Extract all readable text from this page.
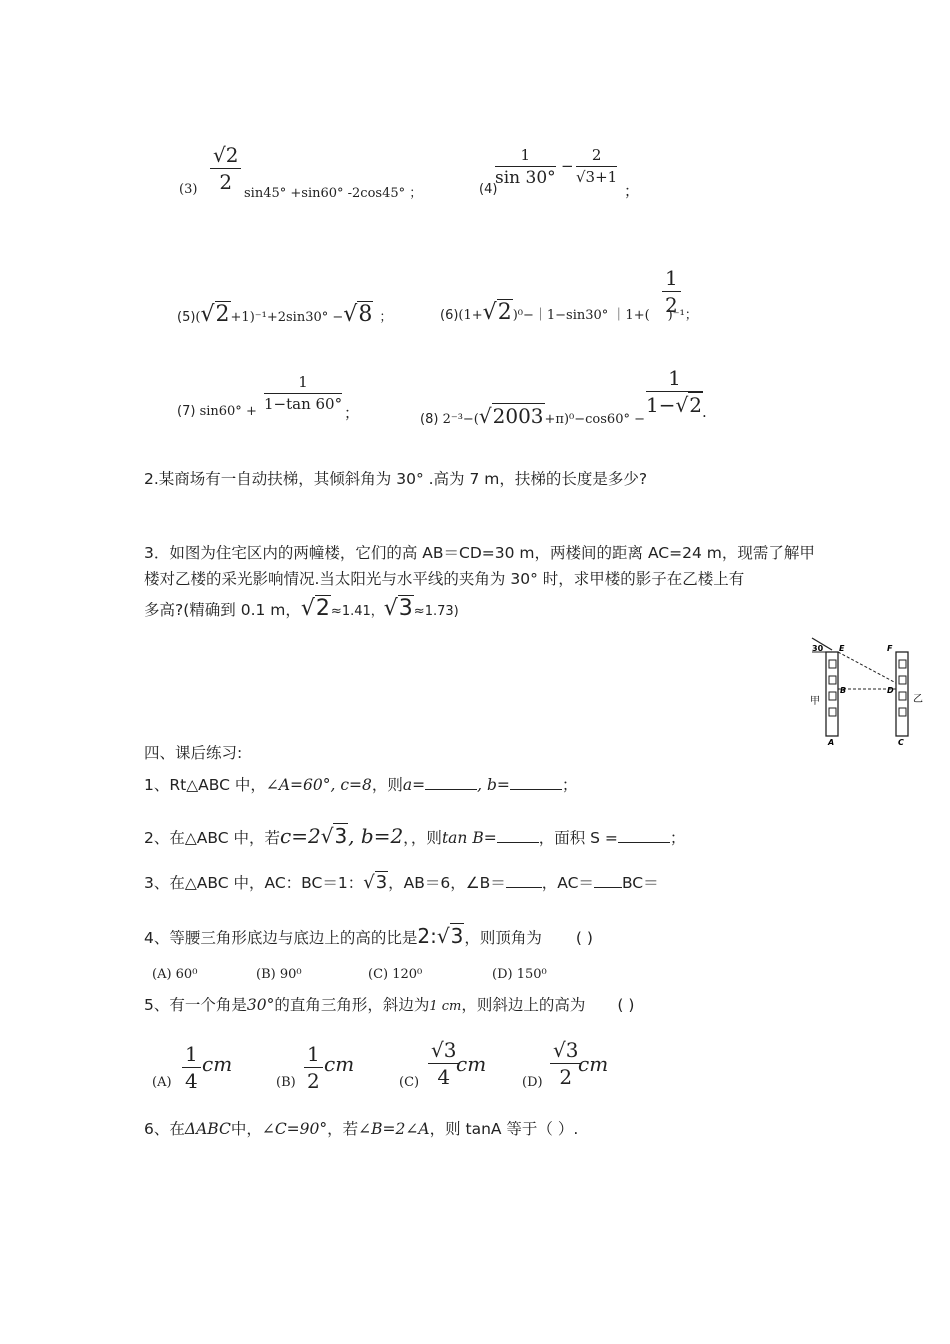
$(3) \frac{√2}{2} \sin 45^\circ +\sin 60^\circ$ -2cos45° ；	(4)
$\frac{1}{\sin 30^\circ} - \frac{2}{√3+1}$
；
(5)(√2+1)⁻¹+2sin30° −√8 ；	(6)(1+√2)⁰−｜1−sin30° ｜1+( )⁻¹；
$\frac{1}{2}$
(7) $\sin 60^\circ + \frac{1}{1-\tan 60^\circ}$ ；	(8) 2⁻³−(√2003+π)⁰−cos60° −
$\frac{1}{1-√2}$ .
2.某商场有一自动扶梯，其倾斜角为 30° .高为 7 m，扶梯的长度是多少?
3．如图为住宅区内的两幢楼，它们的高 AB＝CD=30 m，两楼间的距离 AC=24 m，现需了解甲
楼对乙楼的采光影响情况.当太阳光与水平线的夹角为 30° 时，求甲楼的影子在乙楼上有
多高?(精确到 0.1 m，√2≈1.41，√3≈1.73)
30 E	F
B	D
A	C
甲	乙
四、课后练习:
1、Rt△ABC 中，∠A=60°, c=8，则a=	, b=	；
2、在△ABC 中，若c=2√3, b=2，，则tan B=	，面积 S =	；
3、在△ABC 中，AC：BC＝1：√3，AB＝6，∠B＝ ，AC＝ BC＝
4、等腰三角形底边与底边上的高的比是2:√3，则顶角为 ( )
(A) 60⁰	(B) 90⁰	(C) 120⁰	(D) 150⁰
5、有一个角是30°的直角三角形，斜边为1 cm，则斜边上的高为 ( )
$(A) \frac{1}{4}$ cm
$(B) \frac{1}{2}$ cm
$(C) \frac{√3}{4}$
cm
$(D) \frac{√3}{2}$
cm
6、在ΔABC中，∠C=90°，若∠B=2∠A，则 tanA 等于（ ）.
